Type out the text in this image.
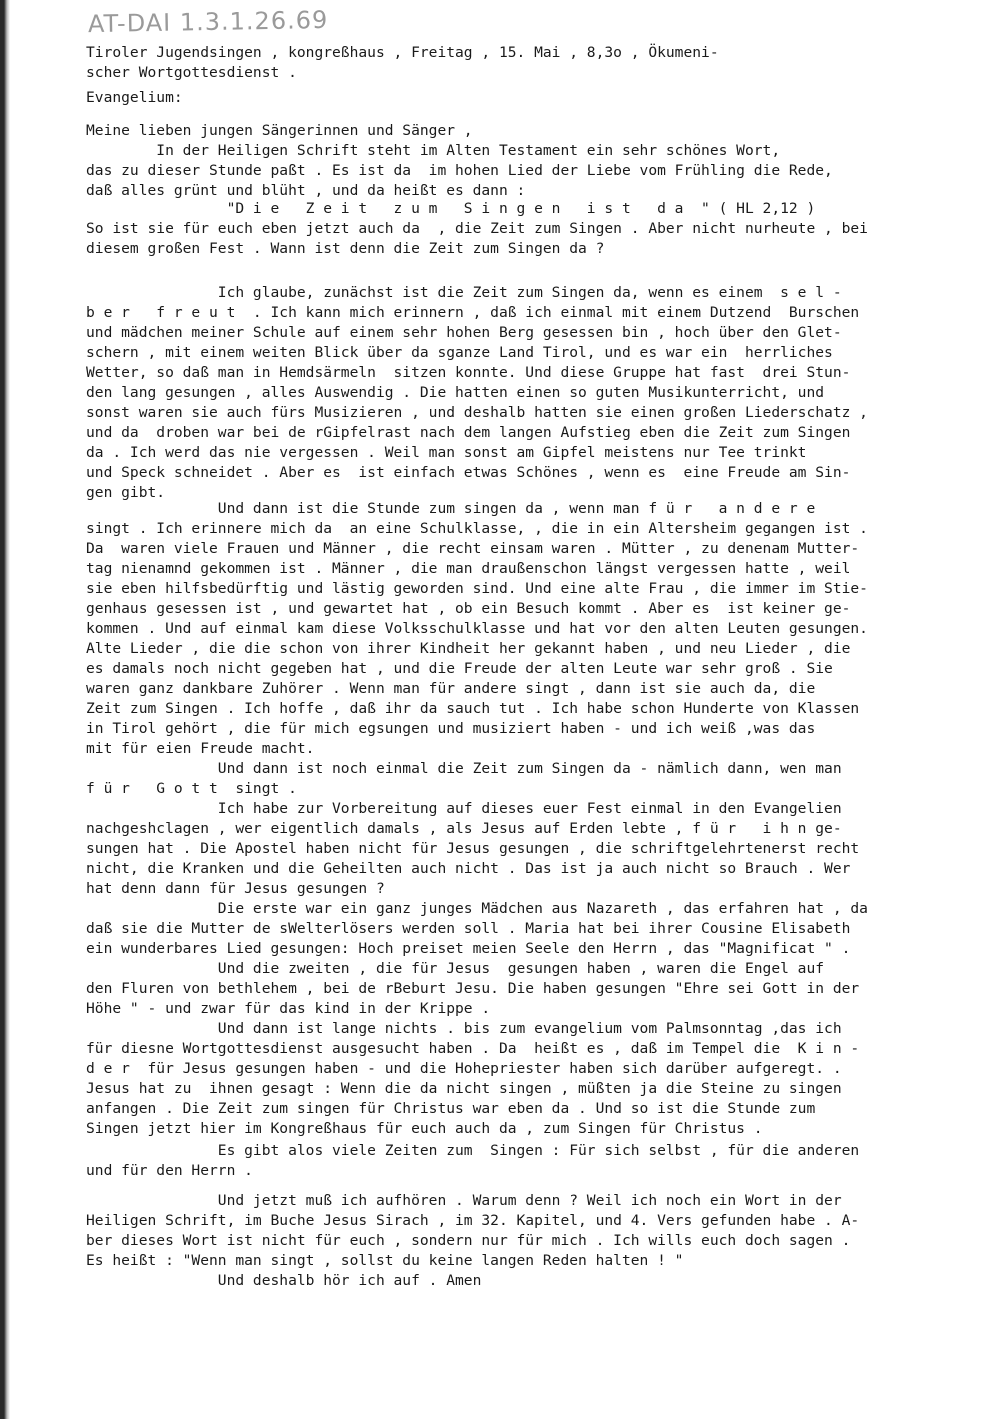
AT-DAI 1.3.1.26.69
Tiroler Jugendsingen , kongreßhaus , Freitag , 15. Mai , 8,3o , Ökumeni-
scher Wortgottesdienst .
Evangelium:
Meine lieben jungen Sängerinnen und Sänger ,
In der Heiligen Schrift steht im Alten Testament ein sehr schönes Wort,
das zu dieser Stunde paßt . Es ist da  im hohen Lied der Liebe vom Frühling die Rede,
daß alles grünt und blüht , und da heißt es dann :
"D i e   Z e i t   z u m   S i n g e n   i s t   d a  " ( HL 2,12 )
So ist sie für euch eben jetzt auch da  , die Zeit zum Singen . Aber nicht nurheute , bei
diesem großen Fest . Wann ist denn die Zeit zum Singen da ?
Ich glaube, zunächst ist die Zeit zum Singen da, wenn es einem  s e l -
b e r   f r e u t  . Ich kann mich erinnern , daß ich einmal mit einem Dutzend  Burschen
und mädchen meiner Schule auf einem sehr hohen Berg gesessen bin , hoch über den Glet-
schern , mit einem weiten Blick über da sganze Land Tirol, und es war ein  herrliches
Wetter, so daß man in Hemdsärmeln  sitzen konnte. Und diese Gruppe hat fast  drei Stun-
den lang gesungen , alles Auswendig . Die hatten einen so guten Musikunterricht, und
sonst waren sie auch fürs Musizieren , und deshalb hatten sie einen großen Liederschatz ,
und da  droben war bei de rGipfelrast nach dem langen Aufstieg eben die Zeit zum Singen
da . Ich werd das nie vergessen . Weil man sonst am Gipfel meistens nur Tee trinkt
und Speck schneidet . Aber es  ist einfach etwas Schönes , wenn es  eine Freude am Sin-
gen gibt.
Und dann ist die Stunde zum singen da , wenn man f ü r   a n d e r e
singt . Ich erinnere mich da  an eine Schulklasse, , die in ein Altersheim gegangen ist .
Da  waren viele Frauen und Männer , die recht einsam waren . Mütter , zu denenam Mutter-
tag nienamnd gekommen ist . Männer , die man draußenschon längst vergessen hatte , weil
sie eben hilfsbedürftig und lästig geworden sind. Und eine alte Frau , die immer im Stie-
genhaus gesessen ist , und gewartet hat , ob ein Besuch kommt . Aber es  ist keiner ge-
kommen . Und auf einmal kam diese Volksschulklasse und hat vor den alten Leuten gesungen.
Alte Lieder , die die schon von ihrer Kindheit her gekannt haben , und neu Lieder , die
es damals noch nicht gegeben hat , und die Freude der alten Leute war sehr groß . Sie
waren ganz dankbare Zuhörer . Wenn man für andere singt , dann ist sie auch da, die
Zeit zum Singen . Ich hoffe , daß ihr da sauch tut . Ich habe schon Hunderte von Klassen
in Tirol gehört , die für mich egsungen und musiziert haben - und ich weiß ,was das
mit für eien Freude macht.
Und dann ist noch einmal die Zeit zum Singen da - nämlich dann, wen man
f ü r   G o t t  singt .
Ich habe zur Vorbereitung auf dieses euer Fest einmal in den Evangelien
nachgeshclagen , wer eigentlich damals , als Jesus auf Erden lebte , f ü r   i h n ge-
sungen hat . Die Apostel haben nicht für Jesus gesungen , die schriftgelehrtenerst recht
nicht, die Kranken und die Geheilten auch nicht . Das ist ja auch nicht so Brauch . Wer
hat denn dann für Jesus gesungen ?
Die erste war ein ganz junges Mädchen aus Nazareth , das erfahren hat , da
daß sie die Mutter de sWelterlösers werden soll . Maria hat bei ihrer Cousine Elisabeth
ein wunderbares Lied gesungen: Hoch preiset meien Seele den Herrn , das "Magnificat " .
Und die zweiten , die für Jesus  gesungen haben , waren die Engel auf
den Fluren von bethlehem , bei de rBeburt Jesu. Die haben gesungen "Ehre sei Gott in der
Höhe " - und zwar für das kind in der Krippe .
Und dann ist lange nichts . bis zum evangelium vom Palmsonntag ,das ich
für diesne Wortgottesdienst ausgesucht haben . Da  heißt es , daß im Tempel die  K i n -
d e r  für Jesus gesungen haben - und die Hohepriester haben sich darüber aufgeregt. .
Jesus hat zu  ihnen gesagt : Wenn die da nicht singen , müßten ja die Steine zu singen
anfangen . Die Zeit zum singen für Christus war eben da . Und so ist die Stunde zum
Singen jetzt hier im Kongreßhaus für euch auch da , zum Singen für Christus .
Es gibt alos viele Zeiten zum  Singen : Für sich selbst , für die anderen
und für den Herrn .
Und jetzt muß ich aufhören . Warum denn ? Weil ich noch ein Wort in der
Heiligen Schrift, im Buche Jesus Sirach , im 32. Kapitel, und 4. Vers gefunden habe . A-
ber dieses Wort ist nicht für euch , sondern nur für mich . Ich wills euch doch sagen .
Es heißt : "Wenn man singt , sollst du keine langen Reden halten ! "
Und deshalb hör ich auf . Amen
